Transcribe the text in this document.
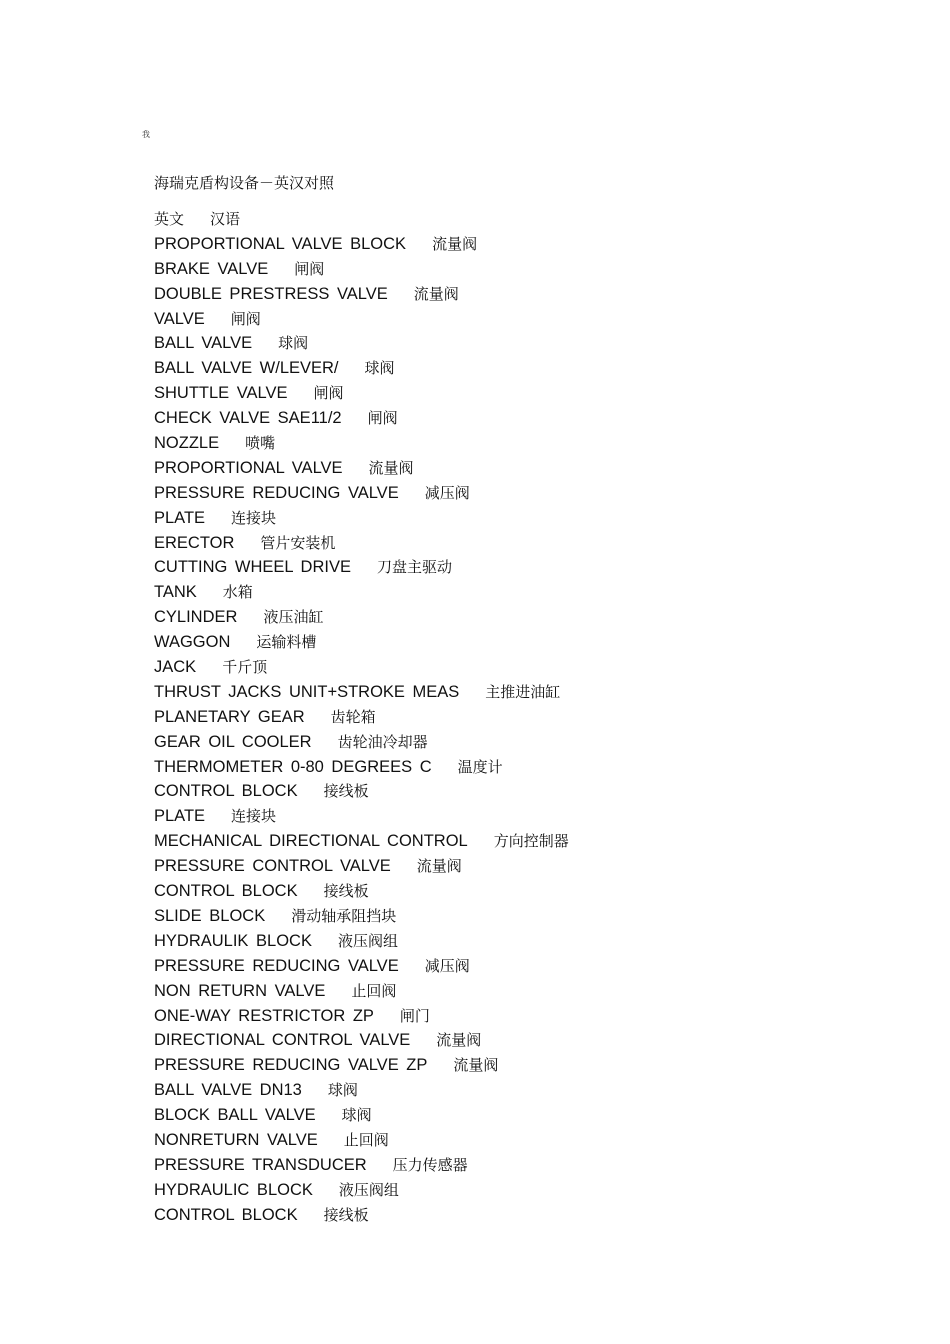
我
海瑞克盾构设备－英汉对照
英文 汉语
PROPORTIONAL VALVE BLOCK 流量阀
BRAKE VALVE 闸阀
DOUBLE PRESTRESS VALVE 流量阀
VALVE 闸阀
BALL VALVE 球阀
BALL VALVE W/LEVER/ 球阀
SHUTTLE VALVE 闸阀
CHECK VALVE SAE11/2 闸阀
NOZZLE 喷嘴
PROPORTIONAL VALVE 流量阀
PRESSURE REDUCING VALVE 减压阀
PLATE 连接块
ERECTOR 管片安装机
CUTTING WHEEL DRIVE 刀盘主驱动
TANK 水箱
CYLINDER 液压油缸
WAGGON 运输料槽
JACK 千斤顶
THRUST JACKS UNIT+STROKE MEAS 主推进油缸
PLANETARY GEAR 齿轮箱
GEAR OIL COOLER 齿轮油冷却器
THERMOMETER 0-80 DEGREES C 温度计
CONTROL BLOCK 接线板
PLATE 连接块
MECHANICAL DIRECTIONAL CONTROL 方向控制器
PRESSURE CONTROL VALVE 流量阀
CONTROL BLOCK 接线板
SLIDE BLOCK 滑动轴承阻挡块
HYDRAULIK BLOCK 液压阀组
PRESSURE REDUCING VALVE 减压阀
NON RETURN VALVE 止回阀
ONE-WAY RESTRICTOR ZP 闸门
DIRECTIONAL CONTROL VALVE 流量阀
PRESSURE REDUCING VALVE ZP 流量阀
BALL VALVE DN13 球阀
BLOCK BALL VALVE 球阀
NONRETURN VALVE 止回阀
PRESSURE TRANSDUCER 压力传感器
HYDRAULIC BLOCK 液压阀组
CONTROL BLOCK 接线板
